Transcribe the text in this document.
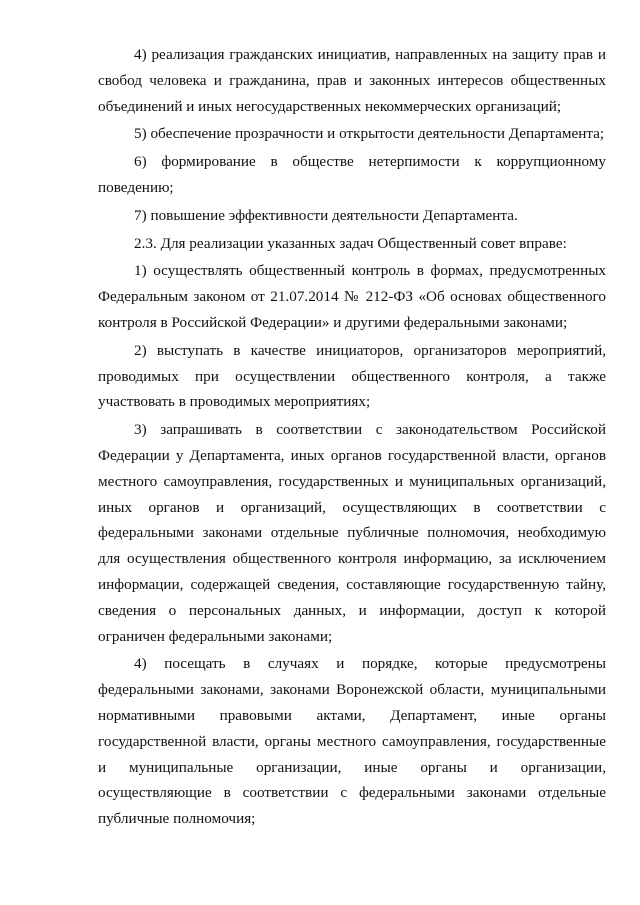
4) реализация гражданских инициатив, направленных на защиту прав и свобод человека и гражданина, прав и законных интересов общественных объединений и иных негосударственных некоммерческих организаций;

5) обеспечение прозрачности и открытости деятельности Департамента;

6) формирование в обществе нетерпимости к коррупционному поведению;

7) повышение эффективности деятельности Департамента.

2.3. Для реализации указанных задач Общественный совет вправе:

1) осуществлять общественный контроль в формах, предусмотренных Федеральным законом от 21.07.2014 № 212-ФЗ «Об основах общественного контроля в Российской Федерации» и другими федеральными законами;

2) выступать в качестве инициаторов, организаторов мероприятий, проводимых при осуществлении общественного контроля, а также участвовать в проводимых мероприятиях;

3) запрашивать в соответствии с законодательством Российской Федерации у Департамента, иных органов государственной власти, органов местного самоуправления, государственных и муниципальных организаций, иных органов и организаций, осуществляющих в соответствии с федеральными законами отдельные публичные полномочия, необходимую для осуществления общественного контроля информацию, за исключением информации, содержащей сведения, составляющие государственную тайну, сведения о персональных данных, и информации, доступ к которой ограничен федеральными законами;

4) посещать в случаях и порядке, которые предусмотрены федеральными законами, законами Воронежской области, муниципальными нормативными правовыми актами, Департамент, иные органы государственной власти, органы местного самоуправления, государственные и муниципальные организации, иные органы и организации, осуществляющие в соответствии с федеральными законами отдельные публичные полномочия;
